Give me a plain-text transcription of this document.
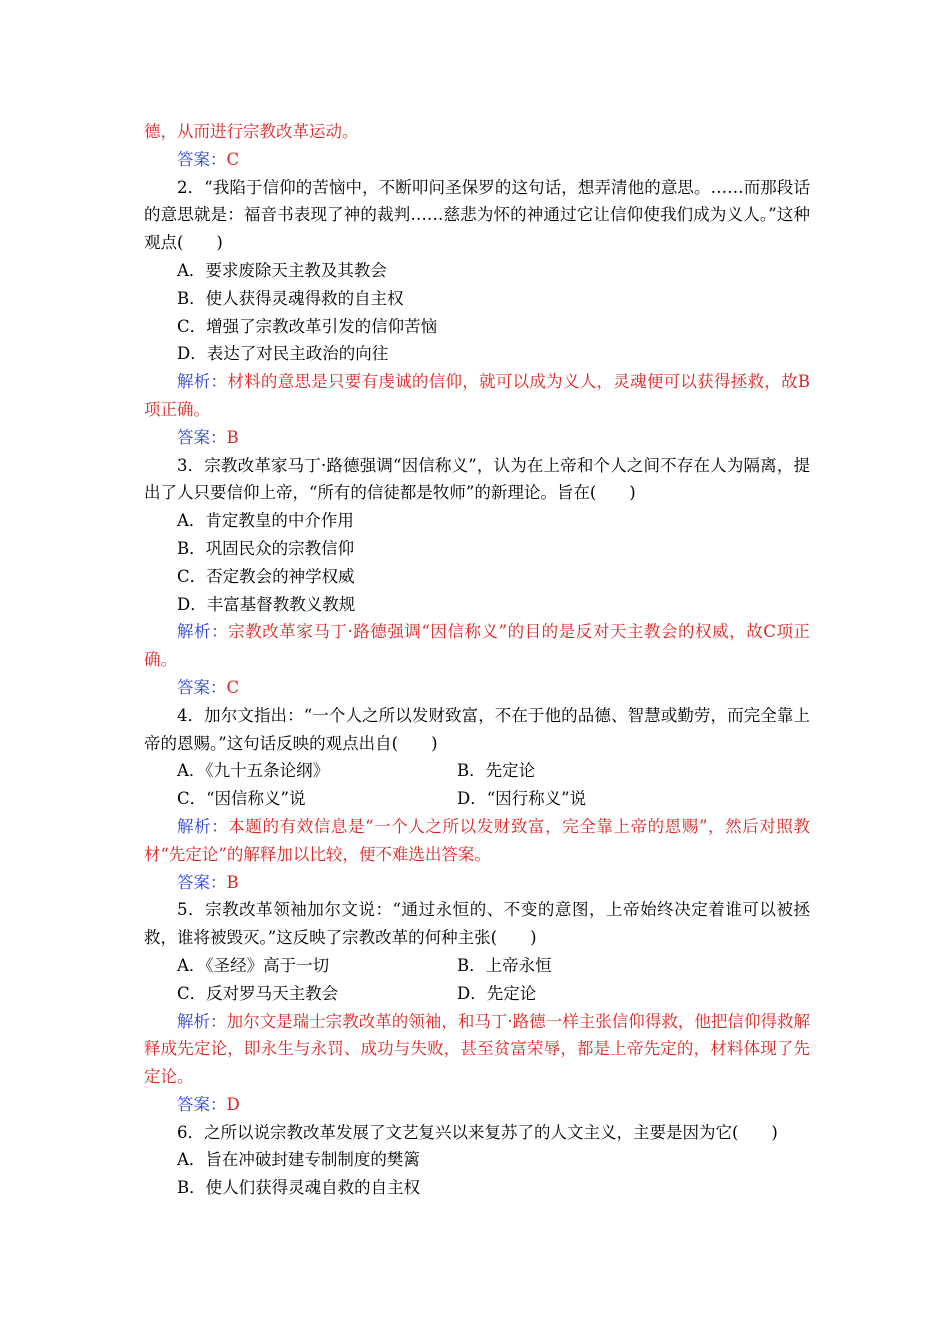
德，从而进行宗教改革运动。

答案：C

2．“我陷于信仰的苦恼中，不断叩问圣保罗的这句话，想弄清他的意思。……而那段话的意思就是：福音书表现了神的裁判……慈悲为怀的神通过它让信仰使我们成为义人。”这种观点(　　)

A．要求废除天主教及其教会

B．使人获得灵魂得救的自主权

C．增强了宗教改革引发的信仰苦恼

D．表达了对民主政治的向往

解析：材料的意思是只要有虔诚的信仰，就可以成为义人，灵魂便可以获得拯救，故B项正确。

答案：B

3．宗教改革家马丁·路德强调“因信称义”，认为在上帝和个人之间不存在人为隔离，提出了人只要信仰上帝，“所有的信徒都是牧师”的新理论。旨在(　　)

A．肯定教皇的中介作用

B．巩固民众的宗教信仰

C．否定教会的神学权威

D．丰富基督教教义教规

解析：宗教改革家马丁·路德强调“因信称义”的目的是反对天主教会的权威，故C项正确。

答案：C

4．加尔文指出：“一个人之所以发财致富，不在于他的品德、智慧或勤劳，而完全靠上帝的恩赐。”这句话反映的观点出自(　　)

A．《九十五条论纲》	B．先定论
C．“因信称义”说	D．“因行称义”说

解析：本题的有效信息是“一个人之所以发财致富，完全靠上帝的恩赐”，然后对照教材“先定论”的解释加以比较，便不难选出答案。

答案：B

5．宗教改革领袖加尔文说：“通过永恒的、不变的意图，上帝始终决定着谁可以被拯救，谁将被毁灭。”这反映了宗教改革的何种主张(　　)

A．《圣经》高于一切	B．上帝永恒
C．反对罗马天主教会	D．先定论

解析：加尔文是瑞士宗教改革的领袖，和马丁·路德一样主张信仰得救，他把信仰得救解释成先定论，即永生与永罚、成功与失败，甚至贫富荣辱，都是上帝先定的，材料体现了先定论。

答案：D

6．之所以说宗教改革发展了文艺复兴以来复苏了的人文主义，主要是因为它(　　)

A．旨在冲破封建专制制度的樊篱

B．使人们获得灵魂自救的自主权
